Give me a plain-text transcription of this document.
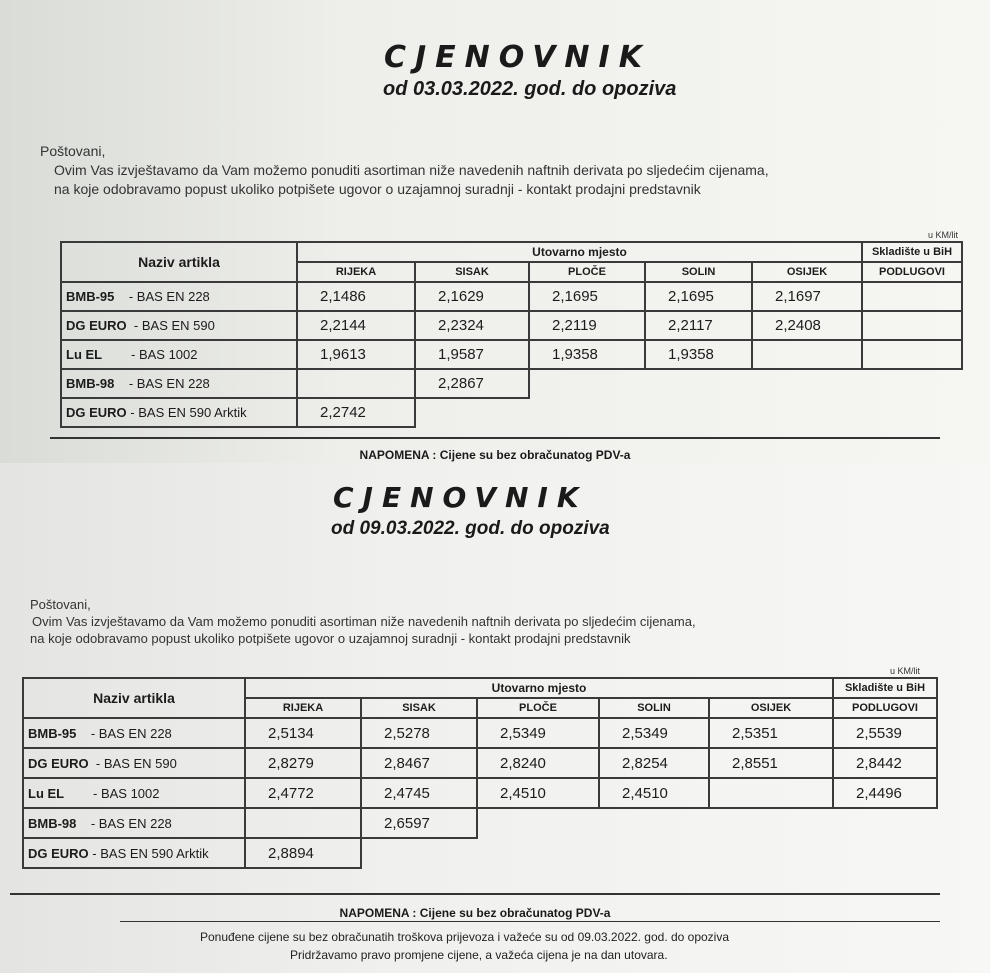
CJENOVNIK
od 03.03.2022. god. do opoziva
Poštovani,
Ovim Vas izvještavamo da Vam možemo ponuditi asortiman niže navedenih naftnih derivata po sljedećim cijenama,
na koje odobravamo popust ukoliko potpišete ugovor o uzajamnoj suradnji - kontakt prodajni predstavnik
u KM/lit
Naziv artikla	Utovarno mjesto					Skladište u BiH
	RIJEKA	SISAK	PLOČE	SOLIN	OSIJEK	PODLUGOVI
BMB-95 - BAS EN 228	2,1486	2,1629	2,1695	2,1695	2,1697	
DG EURO - BAS EN 590	2,2144	2,2324	2,2119	2,2117	2,2408	
Lu EL - BAS 1002	1,9613	1,9587	1,9358	1,9358		
BMB-98 - BAS EN 228		2,2867				
DG EURO - BAS EN 590 Arktik	2,2742					
NAPOMENA : Cijene su bez obračunatog PDV-a
CJENOVNIK
od 09.03.2022. god. do opoziva
Poštovani,
Ovim Vas izvještavamo da Vam možemo ponuditi asortiman niže navedenih naftnih derivata po sljedećim cijenama,
na koje odobravamo popust ukoliko potpišete ugovor o uzajamnoj suradnji - kontakt prodajni predstavnik
u KM/lit
Naziv artikla	Utovarno mjesto					Skladište u BiH
	RIJEKA	SISAK	PLOČE	SOLIN	OSIJEK	PODLUGOVI
BMB-95 - BAS EN 228	2,5134	2,5278	2,5349	2,5349	2,5351	2,5539
DG EURO - BAS EN 590	2,8279	2,8467	2,8240	2,8254	2,8551	2,8442
Lu EL - BAS 1002	2,4772	2,4745	2,4510	2,4510		2,4496
BMB-98 - BAS EN 228		2,6597				
DG EURO - BAS EN 590 Arktik	2,8894					
NAPOMENA : Cijene su bez obračunatog PDV-a
Ponuđene cijene su bez obračunatih troškova prijevoza i važeće su od 09.03.2022. god. do opoziva
Pridržavamo pravo promjene cijene, a važeća cijena je na dan utovara.
